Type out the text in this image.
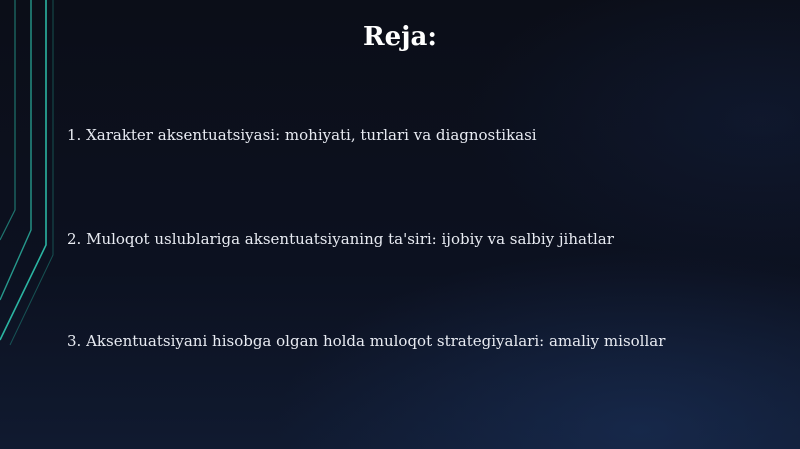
Reja:
1. Xarakter aksentuatsiyasi: mohiyati, turlari va diagnostikasi
2. Muloqot uslublariga aksentuatsiyaning ta'siri: ijobiy va salbiy jihatlar
3. Aksentuatsiyani hisobga olgan holda muloqot strategiyalari: amaliy misollar
